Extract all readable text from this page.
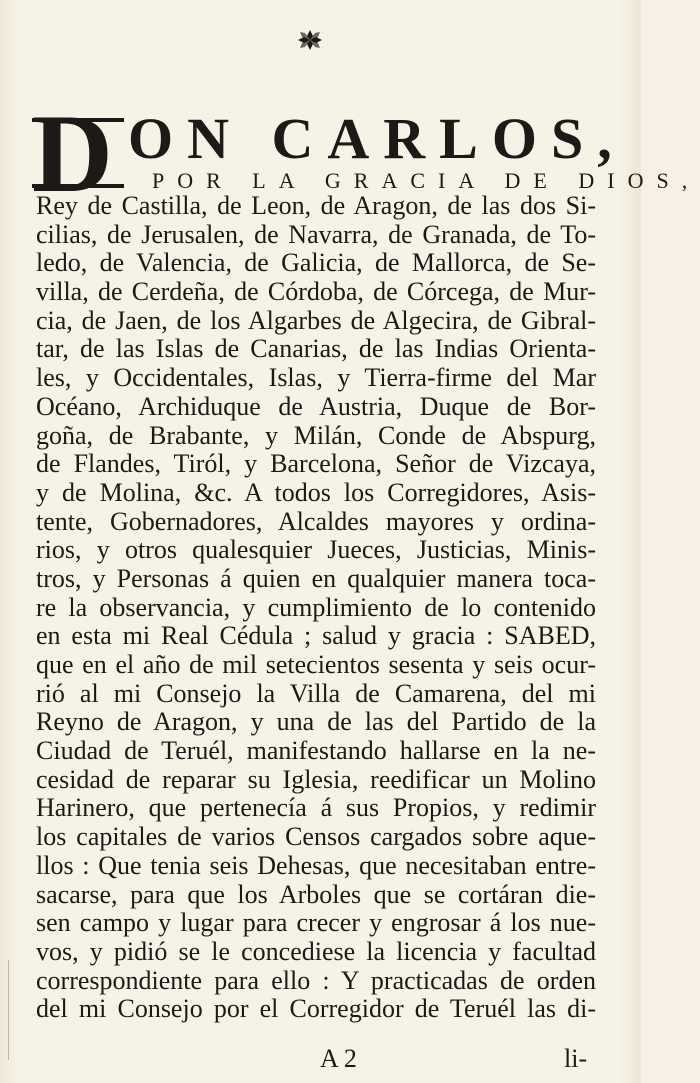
D ON CARLOS,
POR LA GRACIA DE DIOS,
Rey de Castilla, de Leon, de Aragon, de las dos Si-
cilias, de Jerusalen, de Navarra, de Granada, de To-
ledo, de Valencia, de Galicia, de Mallorca, de Se-
villa, de Cerdeña, de Córdoba, de Córcega, de Mur-
cia, de Jaen, de los Algarbes de Algecira, de Gibral-
tar, de las Islas de Canarias, de las Indias Orienta-
les, y Occidentales, Islas, y Tierra-firme del Mar
Océano, Archiduque de Austria, Duque de Bor-
goña, de Brabante, y Milán, Conde de Abspurg,
de Flandes, Tiról, y Barcelona, Señor de Vizcaya,
y de Molina, &c. A todos los Corregidores, Asis-
tente, Gobernadores, Alcaldes mayores y ordina-
rios, y otros qualesquier Jueces, Justicias, Minis-
tros, y Personas á quien en qualquier manera toca-
re la observancia, y cumplimiento de lo contenido
en esta mi Real Cédula ; salud y gracia : SABED,
que en el año de mil setecientos sesenta y seis ocur-
rió al mi Consejo la Villa de Camarena, del mi
Reyno de Aragon, y una de las del Partido de la
Ciudad de Teruél, manifestando hallarse en la ne-
cesidad de reparar su Iglesia, reedificar un Molino
Harinero, que pertenecía á sus Propios, y redimir
los capitales de varios Censos cargados sobre aque-
llos : Que tenia seis Dehesas, que necesitaban entre-
sacarse, para que los Arboles que se cortáran die-
sen campo y lugar para crecer y engrosar á los nue-
vos, y pidió se le concediese la licencia y facultad
correspondiente para ello : Y practicadas de orden
del mi Consejo por el Corregidor de Teruél las di-
A 2	li-
